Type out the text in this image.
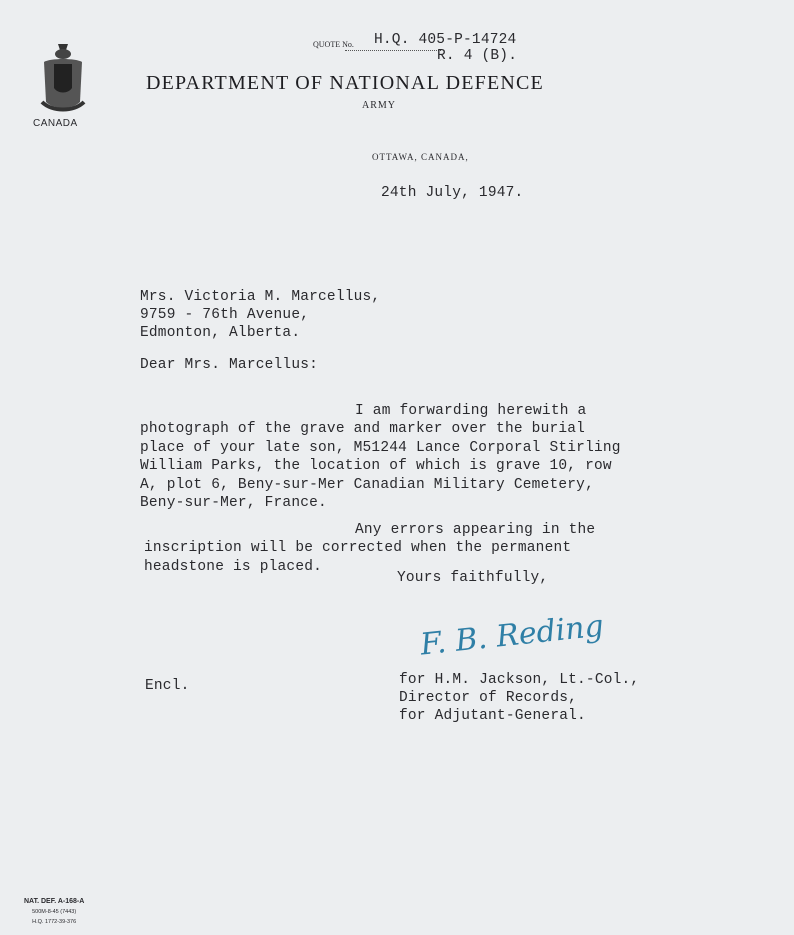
CANADA
QUOTE No. H.Q. 405-P-14724
R. 4 (B).
DEPARTMENT OF NATIONAL DEFENCE
ARMY
OTTAWA, CANADA,
24th July, 1947.
Mrs. Victoria M. Marcellus,
9759 - 76th Avenue,
Edmonton, Alberta.
Dear Mrs. Marcellus:

I am forwarding herewith a
photograph of the grave and marker over the burial
place of your late son, M51244 Lance Corporal Stirling
William Parks, the location of which is grave 10, row
A, plot 6, Beny-sur-Mer Canadian Military Cemetery,
Beny-sur-Mer, France.

Any errors appearing in the
inscription will be corrected when the permanent
headstone is placed.

Yours faithfully,
F. B. Reding
Encl.	for H.M. Jackson, Lt.-Col.,
Director of Records,
for Adjutant-General.
NAT. DEF. A-168-A
500M-8-45 (7443)
H.Q. 1772-39-376
